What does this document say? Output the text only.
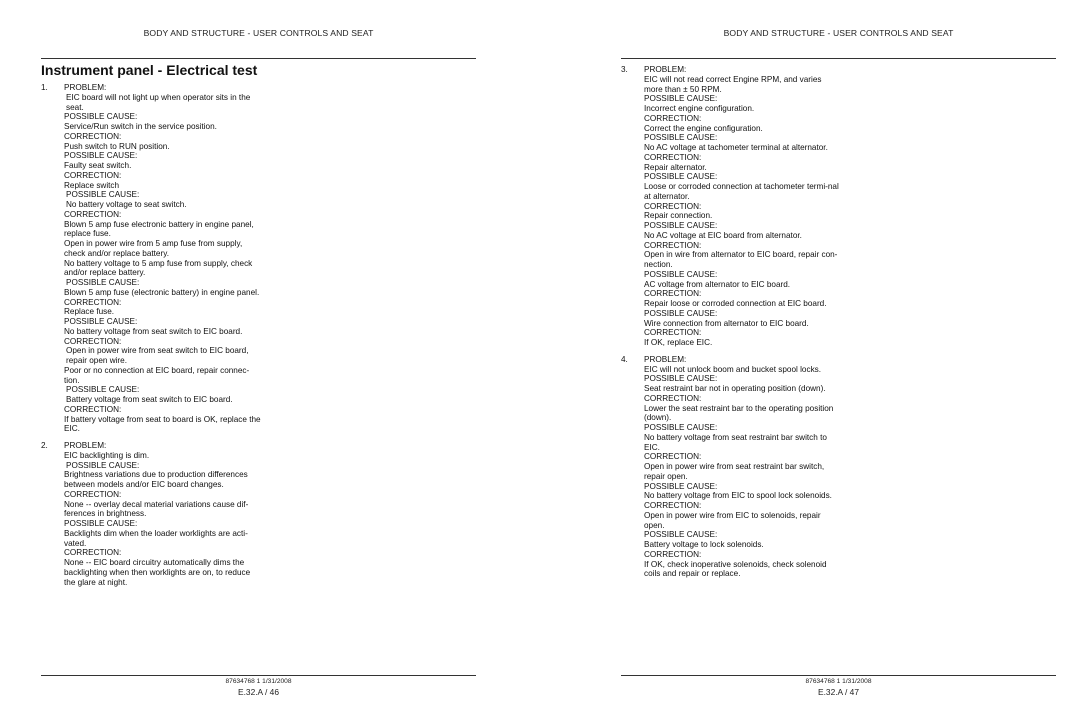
BODY AND STRUCTURE - USER CONTROLS AND SEAT
Instrument panel - Electrical test
1. PROBLEM:
EIC board will not light up when operator sits in the seat.
POSSIBLE CAUSE:
Service/Run switch in the service position.
CORRECTION:
Push switch to RUN position.
POSSIBLE CAUSE:
Faulty seat switch.
CORRECTION:
Replace switch
POSSIBLE CAUSE:
No battery voltage to seat switch.
CORRECTION:
Blown 5 amp fuse electronic battery in engine panel, replace fuse.
Open in power wire from 5 amp fuse from supply, check and/or replace battery.
No battery voltage to 5 amp fuse from supply, check and/or replace battery.
POSSIBLE CAUSE:
Blown 5 amp fuse (electronic battery) in engine panel.
CORRECTION:
Replace fuse.
POSSIBLE CAUSE:
No battery voltage from seat switch to EIC board.
CORRECTION:
Open in power wire from seat switch to EIC board, repair open wire.
Poor or no connection at EIC board, repair connec-tion.
POSSIBLE CAUSE:
Battery voltage from seat switch to EIC board.
CORRECTION:
If battery voltage from seat to board is OK, replace the EIC.
2. PROBLEM:
EIC backlighting is dim.
POSSIBLE CAUSE:
Brightness variations due to production differences between models and/or EIC board changes.
CORRECTION:
None -- overlay decal material variations cause dif-ferences in brightness.
POSSIBLE CAUSE:
Backlights dim when the loader worklights are acti-vated.
CORRECTION:
None -- EIC board circuitry automatically dims the backlighting when then worklights are on, to reduce the glare at night.
87634768 1 1/31/2008
E.32.A / 46
BODY AND STRUCTURE - USER CONTROLS AND SEAT
3. PROBLEM:
EIC will not read correct Engine RPM, and varies more than ± 50 RPM.
POSSIBLE CAUSE:
Incorrect engine configuration.
CORRECTION:
Correct the engine configuration.
POSSIBLE CAUSE:
No AC voltage at tachometer terminal at alternator.
CORRECTION:
Repair alternator.
POSSIBLE CAUSE:
Loose or corroded connection at tachometer termi-nal at alternator.
CORRECTION:
Repair connection.
POSSIBLE CAUSE:
No AC voltage at EIC board from alternator.
CORRECTION:
Open in wire from alternator to EIC board, repair con-nection.
POSSIBLE CAUSE:
AC voltage from alternator to EIC board.
CORRECTION:
Repair loose or corroded connection at EIC board.
POSSIBLE CAUSE:
Wire connection from alternator to EIC board.
CORRECTION:
If OK, replace EIC.
4. PROBLEM:
EIC will not unlock boom and bucket spool locks.
POSSIBLE CAUSE:
Seat restraint bar not in operating position (down).
CORRECTION:
Lower the seat restraint bar to the operating position (down).
POSSIBLE CAUSE:
No battery voltage from seat restraint bar switch to EIC.
CORRECTION:
Open in power wire from seat restraint bar switch, repair open.
POSSIBLE CAUSE:
No battery voltage from EIC to spool lock solenoids.
CORRECTION:
Open in power wire from EIC to solenoids, repair open.
POSSIBLE CAUSE:
Battery voltage to lock solenoids.
CORRECTION:
If OK, check inoperative solenoids, check solenoid coils and repair or replace.
87634768 1 1/31/2008
E.32.A / 47
